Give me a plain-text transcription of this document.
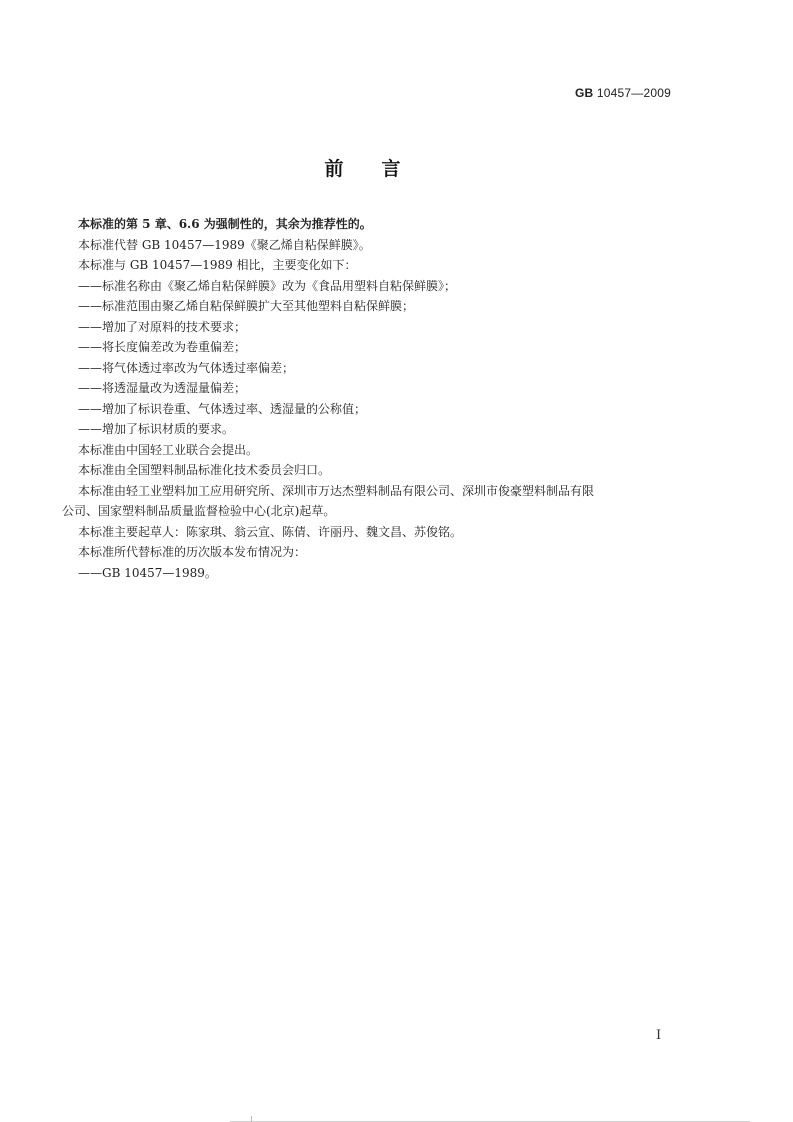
GB 10457—2009
前言
本标准的第 5 章、6.6 为强制性的，其余为推荐性的。
本标准代替 GB 10457—1989《聚乙烯自粘保鲜膜》。
本标准与 GB 10457—1989 相比，主要变化如下：
——标准名称由《聚乙烯自粘保鲜膜》改为《食品用塑料自粘保鲜膜》；
——标准范围由聚乙烯自粘保鲜膜扩大至其他塑料自粘保鲜膜；
——增加了对原料的技术要求；
——将长度偏差改为卷重偏差；
——将气体透过率改为气体透过率偏差；
——将透湿量改为透湿量偏差；
——增加了标识卷重、气体透过率、透湿量的公称值；
——增加了标识材质的要求。
本标准由中国轻工业联合会提出。
本标准由全国塑料制品标准化技术委员会归口。
本标准由轻工业塑料加工应用研究所、深圳市万达杰塑料制品有限公司、深圳市俊豪塑料制品有限
公司、国家塑料制品质量监督检验中心(北京)起草。
本标准主要起草人：陈家琪、翁云宣、陈倩、许丽丹、魏文昌、苏俊铭。
本标准所代替标准的历次版本发布情况为：
——GB 10457—1989。
I
